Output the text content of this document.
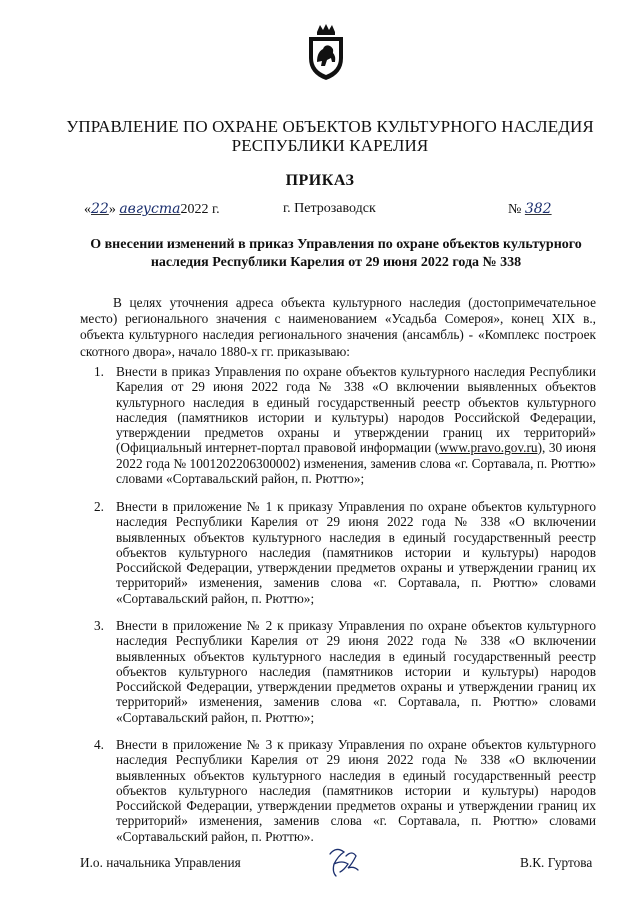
УПРАВЛЕНИЕ ПО ОХРАНЕ ОБЪЕКТОВ КУЛЬТУРНОГО НАСЛЕДИЯ
РЕСПУБЛИКИ КАРЕЛИЯ
ПРИКАЗ
«22» августа2022 г.	г. Петрозаводск	№ 382
О внесении изменений в приказ Управления по охране объектов культурного
наследия Республики Карелия от 29 июня 2022 года № 338
В целях уточнения адреса объекта культурного наследия (достопримечательное место) регионального значения с наименованием «Усадьба Сомероя», конец XIX в., объекта культурного наследия регионального значения (ансамбль) - «Комплекс построек скотного двора», начало 1880-х гг. приказываю:
1. Внести в приказ Управления по охране объектов культурного наследия Республики Карелия от 29 июня 2022 года № 338 «О включении выявленных объектов культурного наследия в единый государственный реестр объектов культурного наследия (памятников истории и культуры) народов Российской Федерации, утверждении предметов охраны и утверждении границ их территорий» (Официальный интернет-портал правовой информации (www.pravo.gov.ru), 30 июня 2022 года № 1001202206300002) изменения, заменив слова «г. Сортавала, п. Рюттю» словами «Сортавальский район, п. Рюттю»;
2. Внести в приложение № 1 к приказу Управления по охране объектов культурного наследия Республики Карелия от 29 июня 2022 года № 338 «О включении выявленных объектов культурного наследия в единый государственный реестр объектов культурного наследия (памятников истории и культуры) народов Российской Федерации, утверждении предметов охраны и утверждении границ их территорий» изменения, заменив слова «г. Сортавала, п. Рюттю» словами «Сортавальский район, п. Рюттю»;
3. Внести в приложение № 2 к приказу Управления по охране объектов культурного наследия Республики Карелия от 29 июня 2022 года № 338 «О включении выявленных объектов культурного наследия в единый государственный реестр объектов культурного наследия (памятников истории и культуры) народов Российской Федерации, утверждении предметов охраны и утверждении границ их территорий» изменения, заменив слова «г. Сортавала, п. Рюттю» словами «Сортавальский район, п. Рюттю»;
4. Внести в приложение № 3 к приказу Управления по охране объектов культурного наследия Республики Карелия от 29 июня 2022 года № 338 «О включении выявленных объектов культурного наследия в единый государственный реестр объектов культурного наследия (памятников истории и культуры) народов Российской Федерации, утверждении предметов охраны и утверждении границ их территорий» изменения, заменив слова «г. Сортавала, п. Рюттю» словами «Сортавальский район, п. Рюттю».
И.о. начальника Управления	В.К. Гуртова
